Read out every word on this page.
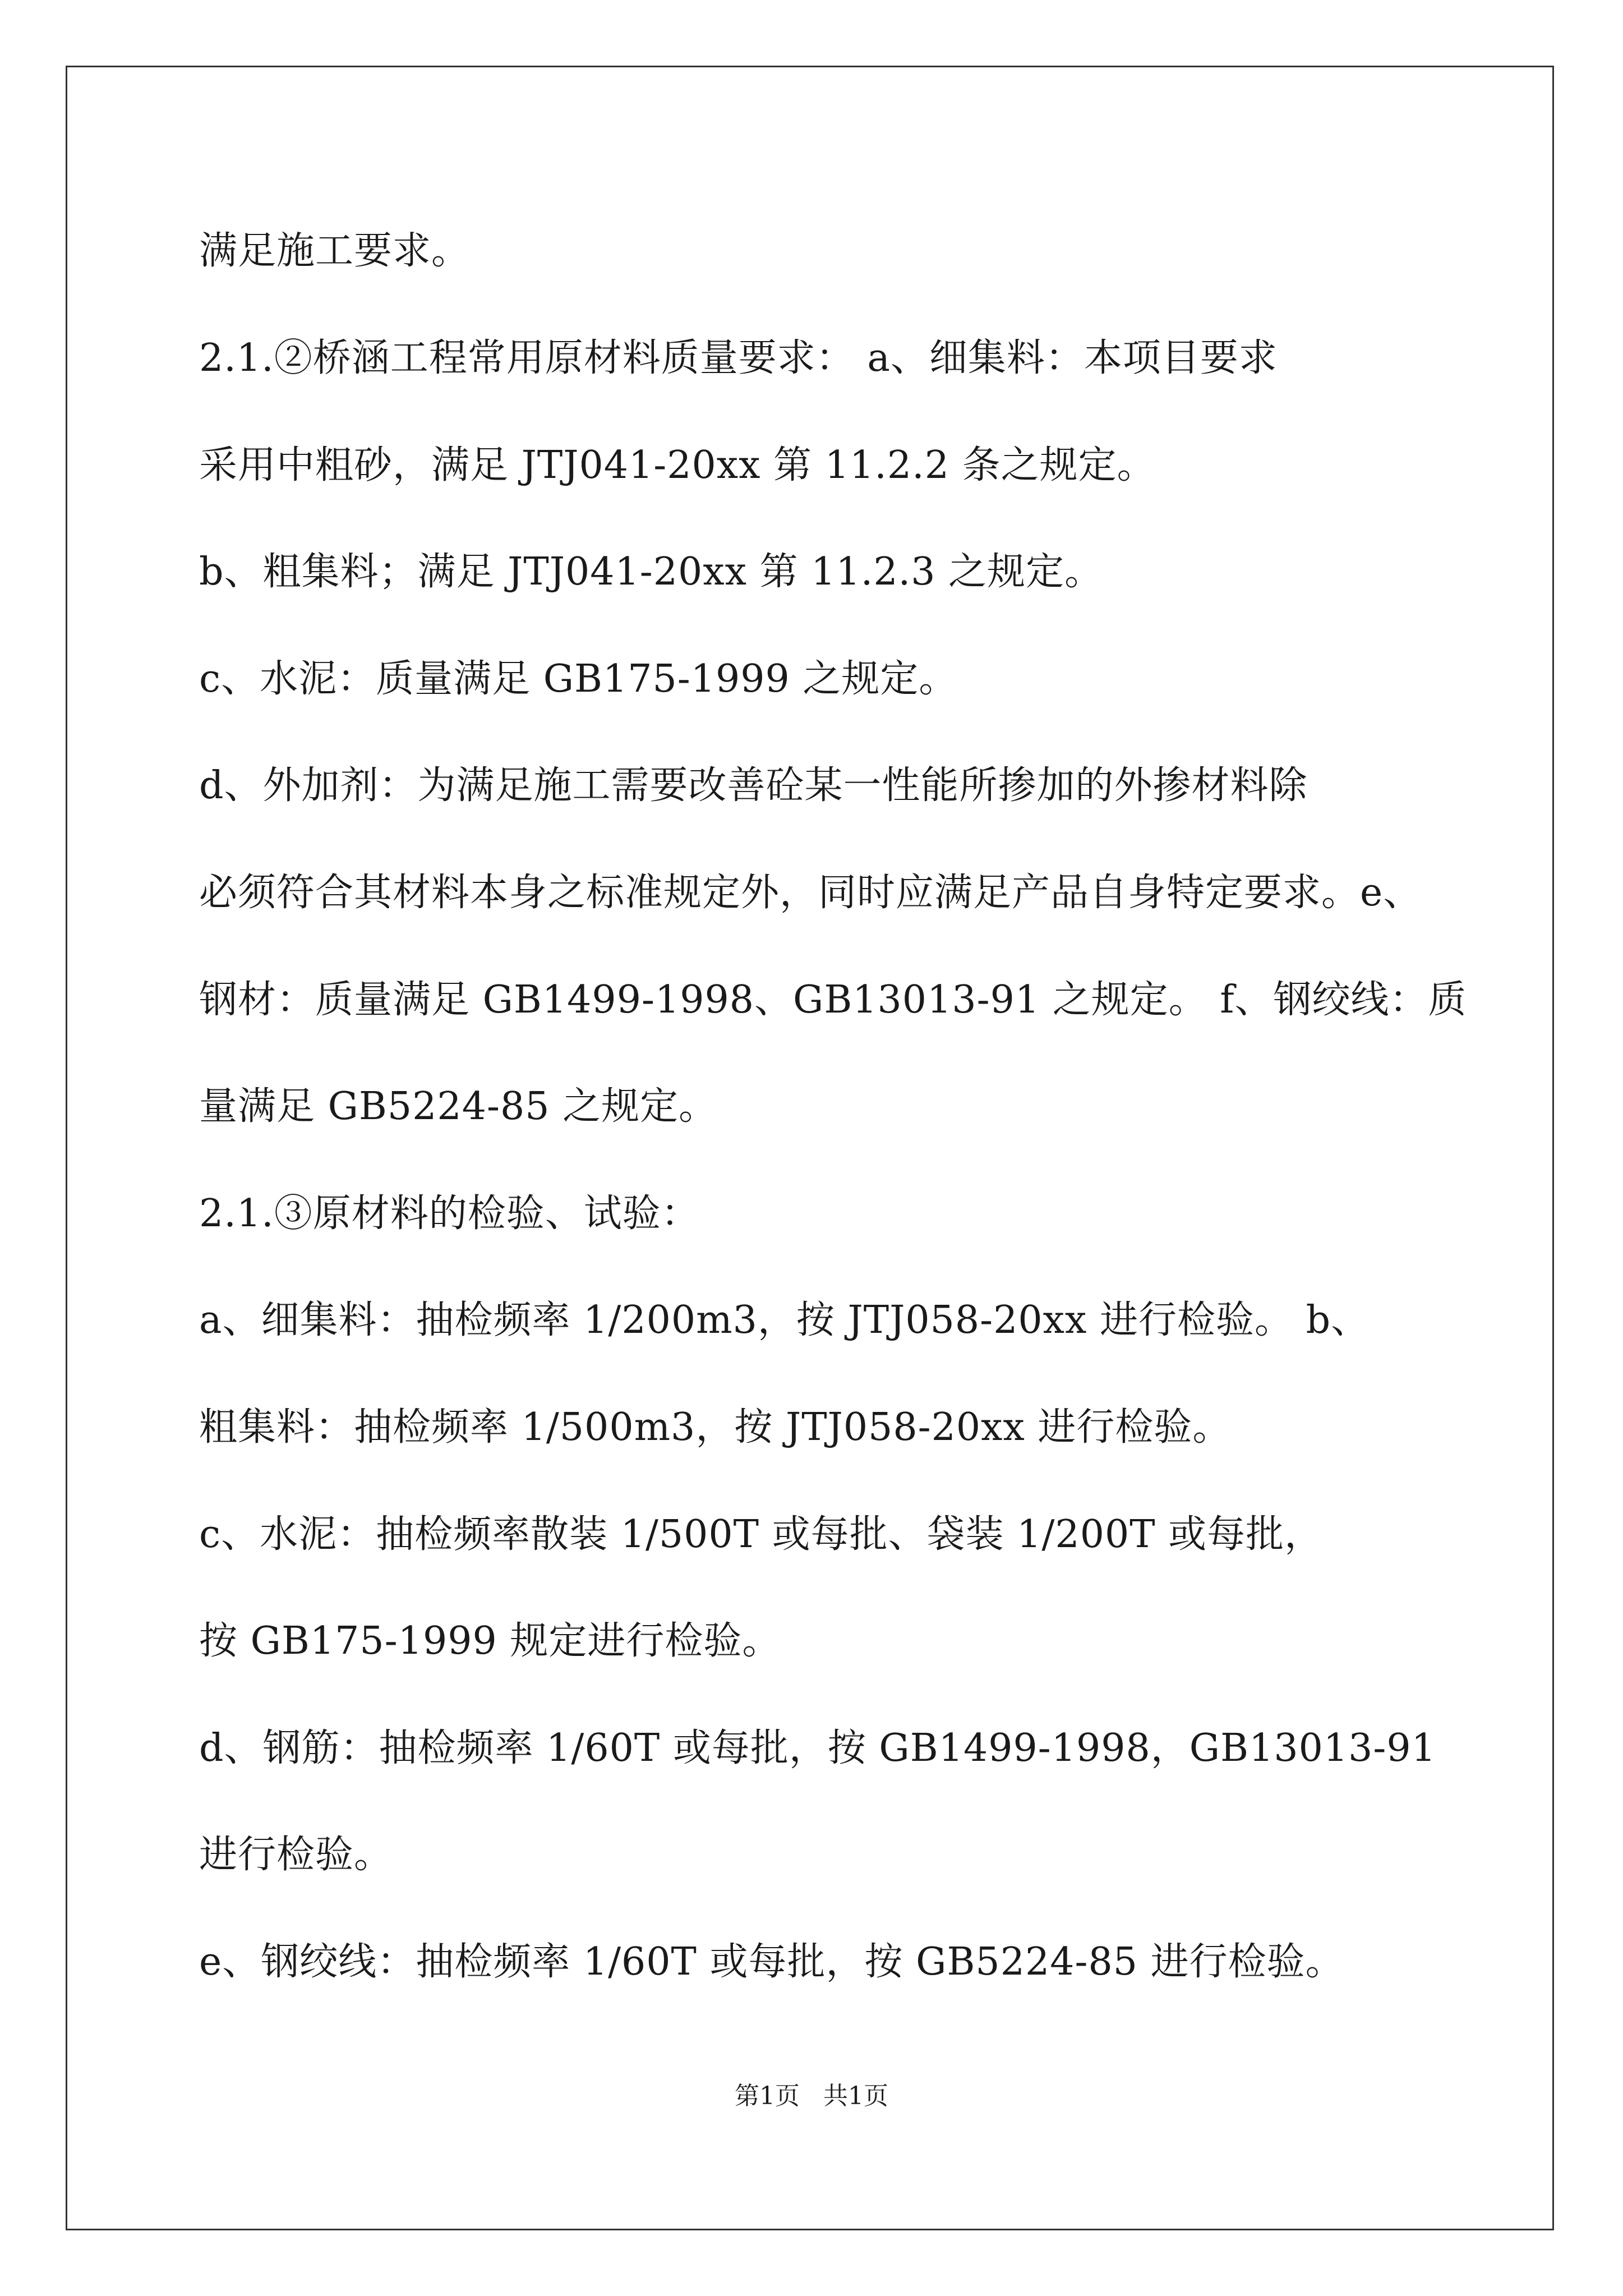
满足施工要求。
2.1.②桥涵工程常用原材料质量要求： a、细集料：本项目要求
采用中粗砂，满足 JTJ041-20xx 第 11.2.2 条之规定。
b、粗集料；满足 JTJ041-20xx 第 11.2.3 之规定。
c、水泥：质量满足 GB175-1999 之规定。
d、外加剂：为满足施工需要改善砼某一性能所掺加的外掺材料除
必须符合其材料本身之标准规定外，同时应满足产品自身特定要求。e、
钢材：质量满足 GB1499-1998、GB13013-91 之规定。 f、钢绞线：质
量满足 GB5224-85 之规定。
2.1.③原材料的检验、试验：
a、细集料：抽检频率 1/200m3，按 JTJ058-20xx 进行检验。 b、
粗集料：抽检频率 1/500m3，按 JTJ058-20xx 进行检验。
c、水泥：抽检频率散装 1/500T 或每批、袋装 1/200T 或每批，
按 GB175-1999 规定进行检验。
d、钢筋：抽检频率 1/60T 或每批，按 GB1499-1998，GB13013-91
进行检验。
e、钢绞线：抽检频率 1/60T 或每批，按 GB5224-85 进行检验。
第1页   共1页
